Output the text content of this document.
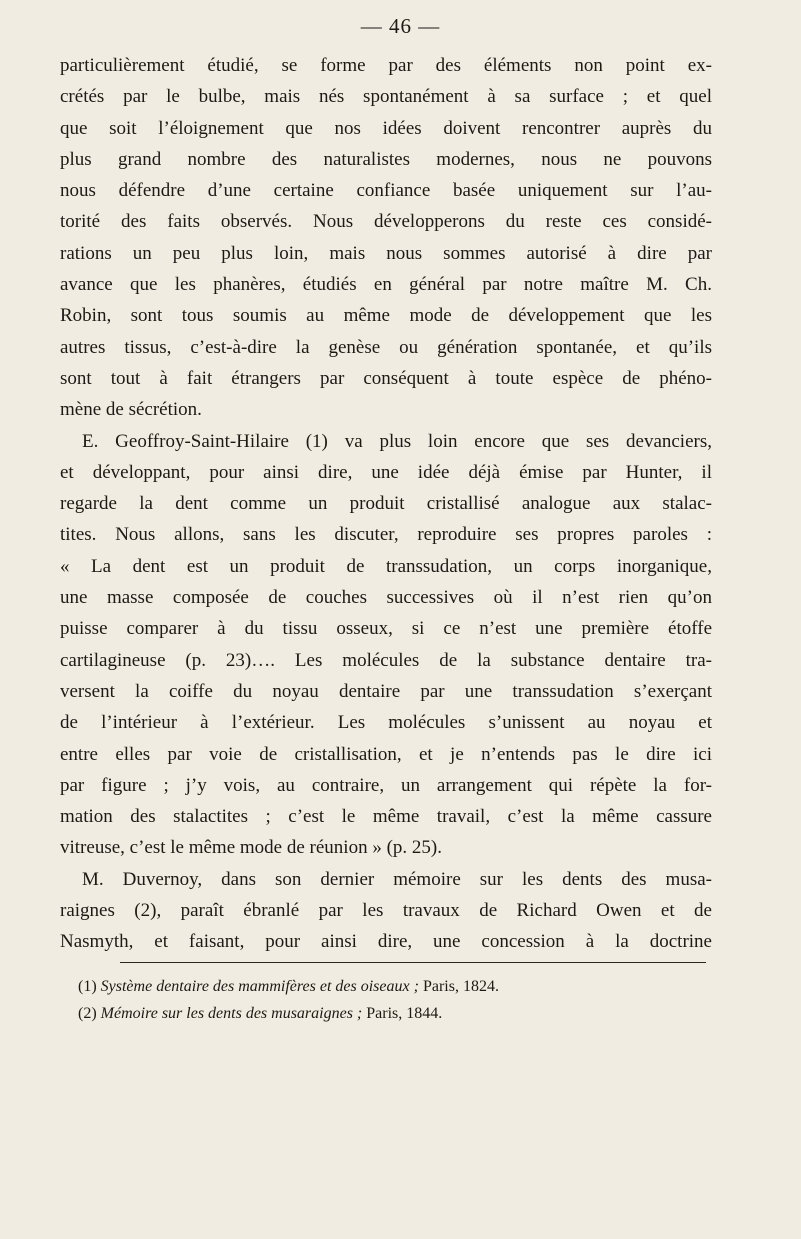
— 46 —

particulièrement étudié, se forme par des éléments non point ex-
crétés par le bulbe, mais nés spontanément à sa surface ; et quel
que soit l’éloignement que nos idées doivent rencontrer auprès du
plus grand nombre des naturalistes modernes, nous ne pouvons
nous défendre d’une certaine confiance basée uniquement sur l’au-
torité des faits observés. Nous développerons du reste ces considé-
rations un peu plus loin, mais nous sommes autorisé à dire par
avance que les phanères, étudiés en général par notre maître M. Ch.
Robin, sont tous soumis au même mode de développement que les
autres tissus, c’est-à-dire la genèse ou génération spontanée, et qu’ils
sont tout à fait étrangers par conséquent à toute espèce de phéno-
mène de sécrétion.

E. Geoffroy-Saint-Hilaire (1) va plus loin encore que ses devanciers,
et développant, pour ainsi dire, une idée déjà émise par Hunter, il
regarde la dent comme un produit cristallisé analogue aux stalac-
tites. Nous allons, sans les discuter, reproduire ses propres paroles :
« La dent est un produit de transsudation, un corps inorganique,
une masse composée de couches successives où il n’est rien qu’on
puisse comparer à du tissu osseux, si ce n’est une première étoffe
cartilagineuse (p. 23)…. Les molécules de la substance dentaire tra-
versent la coiffe du noyau dentaire par une transsudation s’exerçant
de l’intérieur à l’extérieur. Les molécules s’unissent au noyau et
entre elles par voie de cristallisation, et je n’entends pas le dire ici
par figure ; j’y vois, au contraire, un arrangement qui répète la for-
mation des stalactites ; c’est le même travail, c’est la même cassure
vitreuse, c’est le même mode de réunion » (p. 25).

M. Duvernoy, dans son dernier mémoire sur les dents des musa-
raignes (2), paraît ébranlé par les travaux de Richard Owen et de
Nasmyth, et faisant, pour ainsi dire, une concession à la doctrine

(1) Système dentaire des mammifères et des oiseaux ; Paris, 1824.
(2) Mémoire sur les dents des musaraignes ; Paris, 1844.
